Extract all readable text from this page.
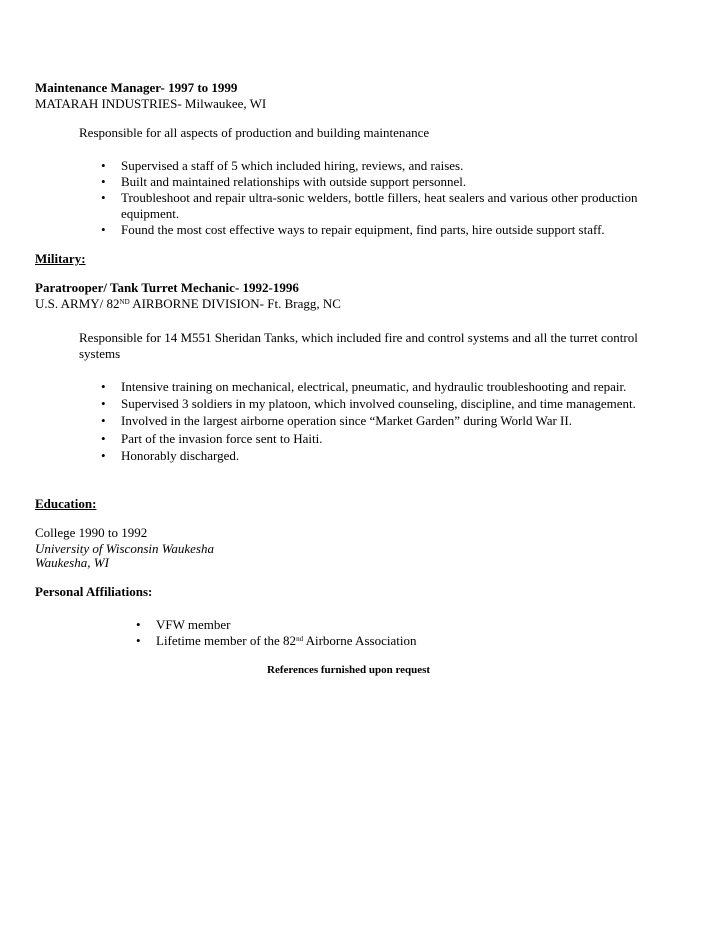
Maintenance Manager- 1997 to 1999
MATARAH INDUSTRIES- Milwaukee, WI
Responsible for all aspects of production and building maintenance
• Supervised a staff of 5 which included hiring, reviews, and raises.
• Built and maintained relationships with outside support personnel.
• Troubleshoot and repair ultra-sonic welders, bottle fillers, heat sealers and various other production
equipment.
• Found the most cost effective ways to repair equipment, find parts, hire outside support staff.
Military:
Paratrooper/ Tank Turret Mechanic- 1992-1996
U.S. ARMY/ 82ND AIRBORNE DIVISION- Ft. Bragg, NC
Responsible for 14 M551 Sheridan Tanks, which included fire and control systems and all the turret control
systems
• Intensive training on mechanical, electrical, pneumatic, and hydraulic troubleshooting and repair.
• Supervised 3 soldiers in my platoon, which involved counseling, discipline, and time management.
• Involved in the largest airborne operation since “Market Garden” during World War II.
• Part of the invasion force sent to Haiti.
• Honorably discharged.
Education:
College 1990 to 1992
University of Wisconsin Waukesha
Waukesha, WI
Personal Affiliations:
• VFW member
• Lifetime member of the 82nd Airborne Association
References furnished upon request
